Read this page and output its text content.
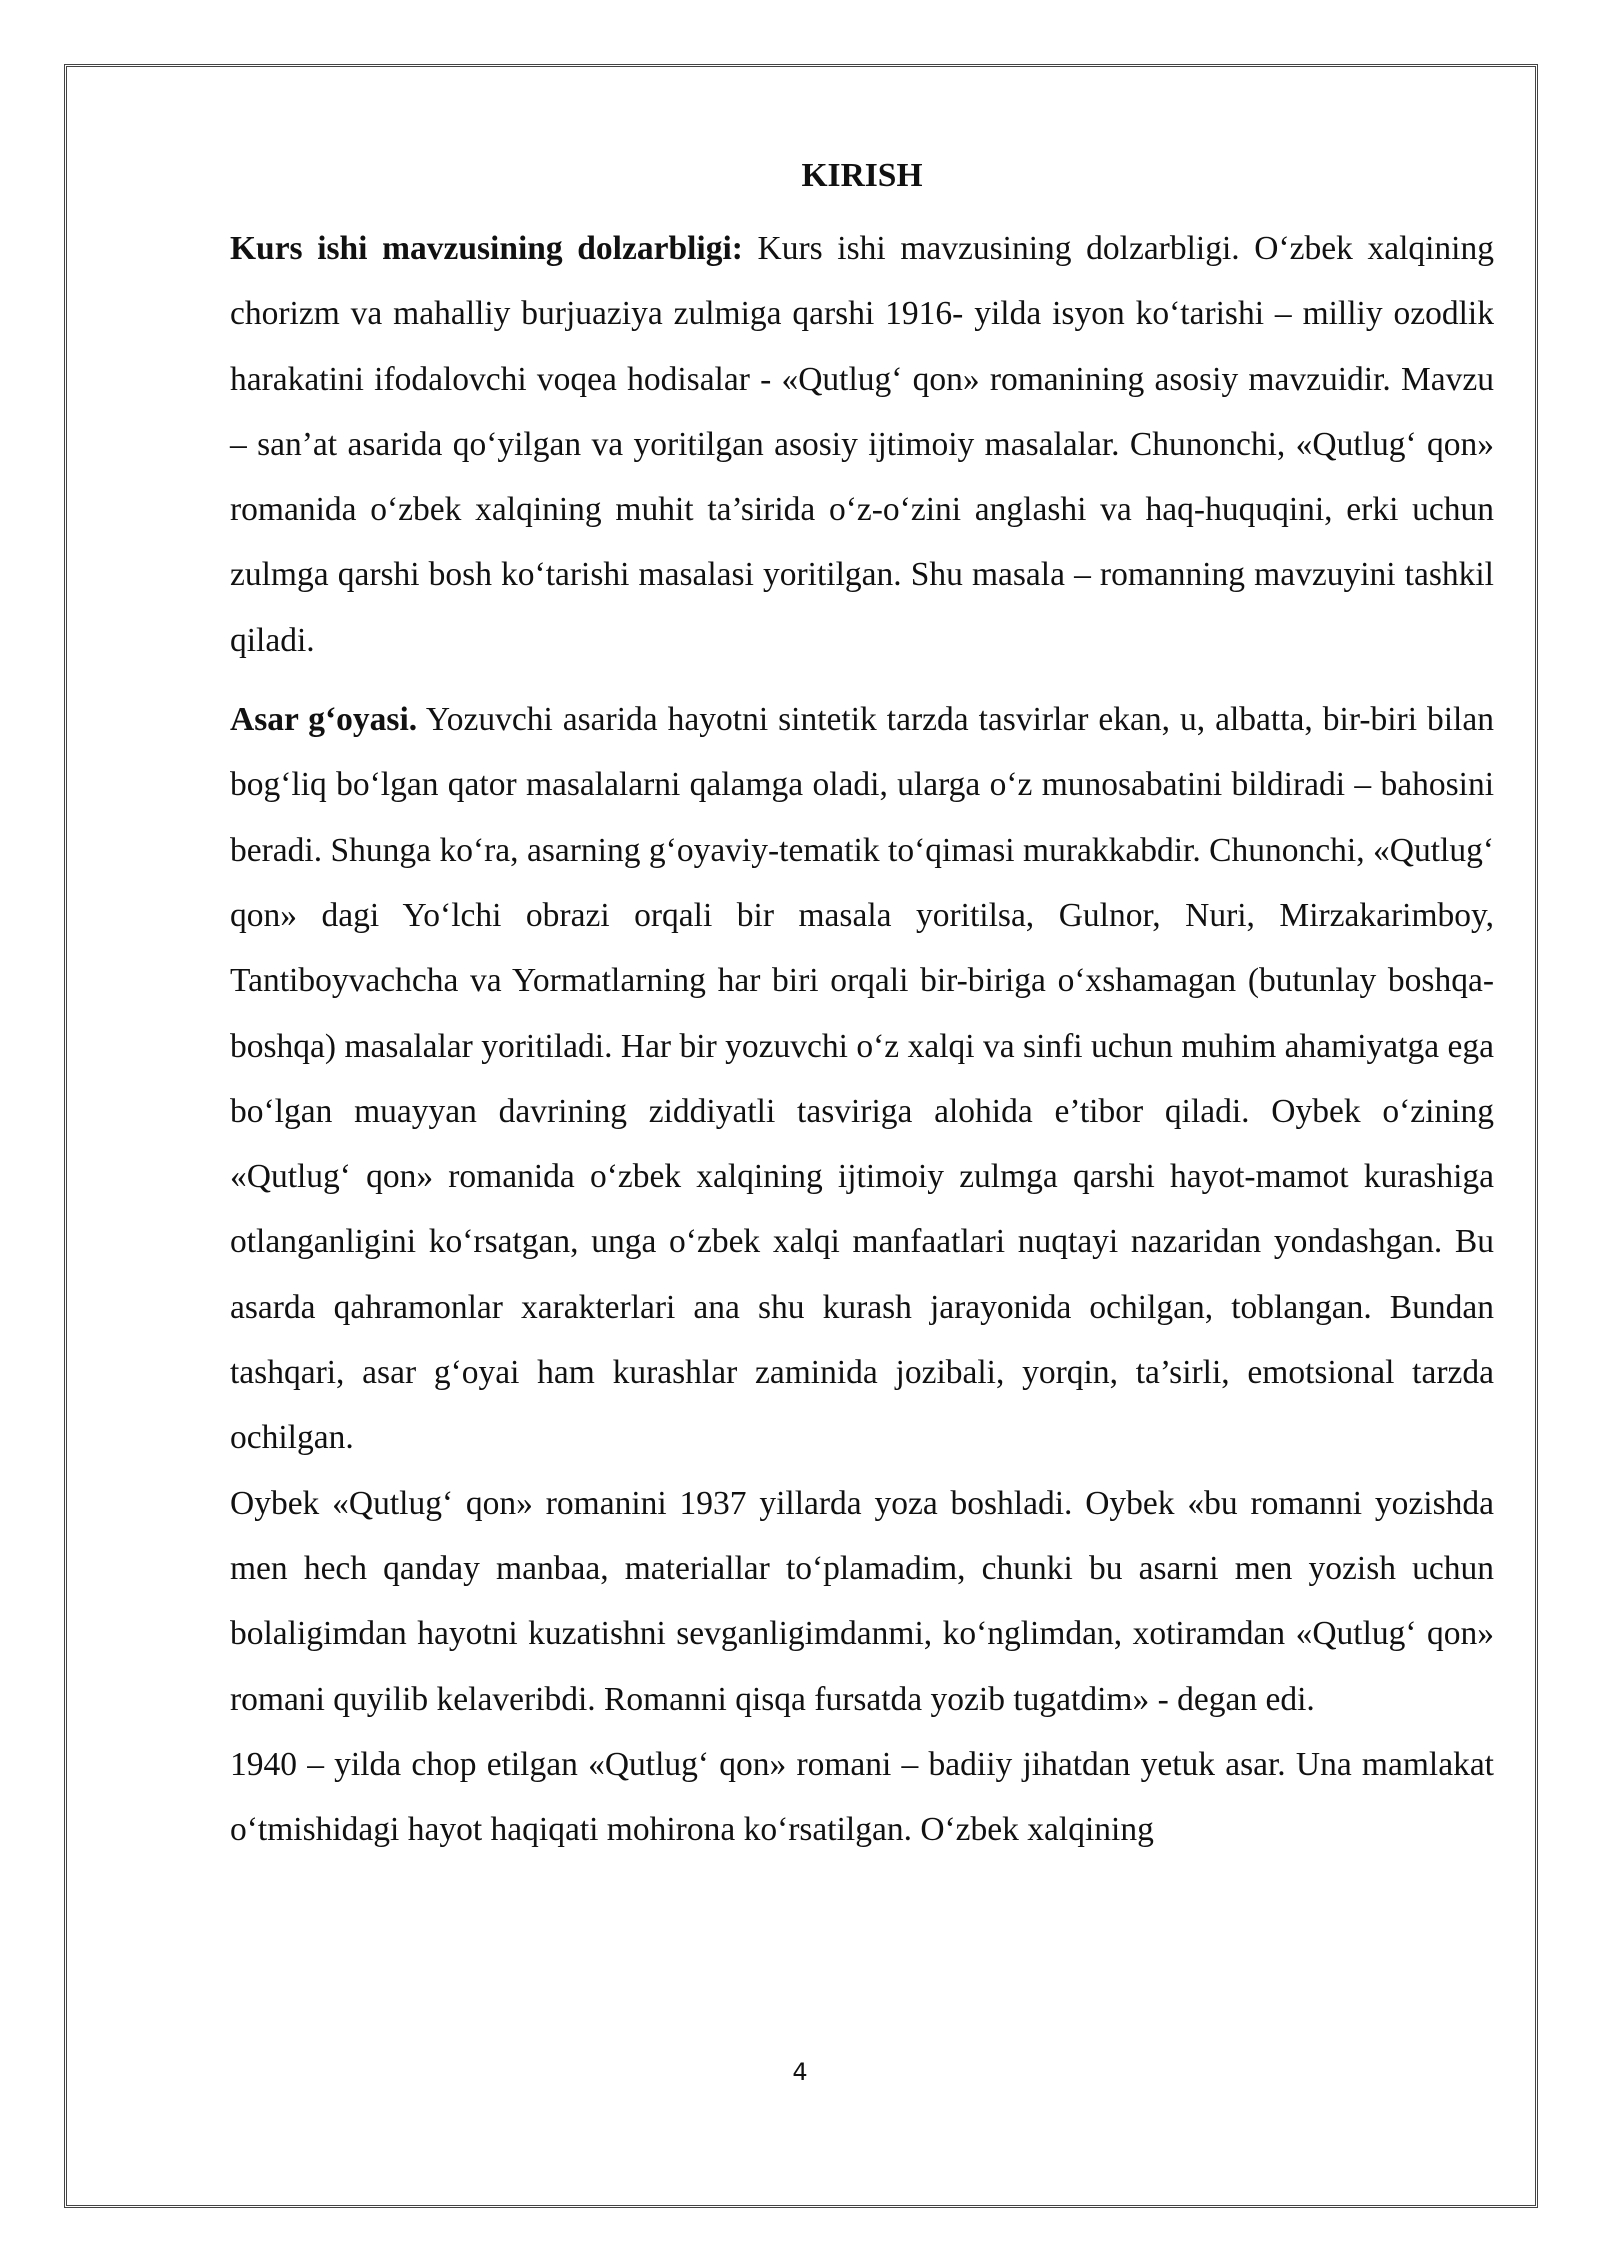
KIRISH

Kurs ishi mavzusining dolzarbligi: Kurs ishi mavzusining dolzarbligi. O‘zbek xalqining chorizm va mahalliy burjuaziya zulmiga qarshi 1916- yilda isyon ko‘tarishi – milliy ozodlik harakatini ifodalovchi voqea hodisalar - «Qutlug‘ qon» romanining asosiy mavzuidir. Mavzu – san’at asarida qo‘yilgan va yoritilgan asosiy ijtimoiy masalalar. Chunonchi, «Qutlug‘ qon» romanida o‘zbek xalqining muhit ta’sirida o‘z-o‘zini anglashi va haq-huquqini, erki uchun zulmga qarshi bosh ko‘tarishi masalasi yoritilgan. Shu masala – romanning mavzuyini tashkil qiladi.

Asar g‘oyasi. Yozuvchi asarida hayotni sintetik tarzda tasvirlar ekan, u, albatta, bir-biri bilan bog‘liq bo‘lgan qator masalalarni qalamga oladi, ularga o‘z munosabatini bildiradi – bahosini beradi. Shunga ko‘ra, asarning g‘oyaviy-tematik to‘qimasi murakkabdir. Chunonchi, «Qutlug‘ qon» dagi Yo‘lchi obrazi orqali bir masala yoritilsa, Gulnor, Nuri, Mirzakarimboy, Tantiboyvachcha va Yormatlarning har biri orqali bir-biriga o‘xshamagan (butunlay boshqa-boshqa) masalalar yoritiladi. Har bir yozuvchi o‘z xalqi va sinfi uchun muhim ahamiyatga ega bo‘lgan muayyan davrining ziddiyatli tasviriga alohida e’tibor qiladi. Oybek o‘zining «Qutlug‘ qon» romanida o‘zbek xalqining ijtimoiy zulmga qarshi hayot-mamot kurashiga otlanganligini ko‘rsatgan, unga o‘zbek xalqi manfaatlari nuqtayi nazaridan yondashgan. Bu asarda qahramonlar xarakterlari ana shu kurash jarayonida ochilgan, toblangan. Bundan tashqari, asar g‘oyai ham kurashlar zaminida jozibali, yorqin, ta’sirli, emotsional tarzda ochilgan.

Oybek «Qutlug‘ qon» romanini 1937 yillarda yoza boshladi. Oybek «bu romanni yozishda men hech qanday manbaa, materiallar to‘plamadim, chunki bu asarni men yozish uchun bolaligimdan hayotni kuzatishni sevganligimdanmi, ko‘nglimdan, xotiramdan «Qutlug‘ qon» romani quyilib kelaveribdi. Romanni qisqa fursatda yozib tugatdim» - degan edi.

1940 – yilda chop etilgan «Qutlug‘ qon» romani – badiiy jihatdan yetuk asar. Una mamlakat o‘tmishidagi hayot haqiqati mohirona ko‘rsatilgan. O‘zbek xalqining

4
